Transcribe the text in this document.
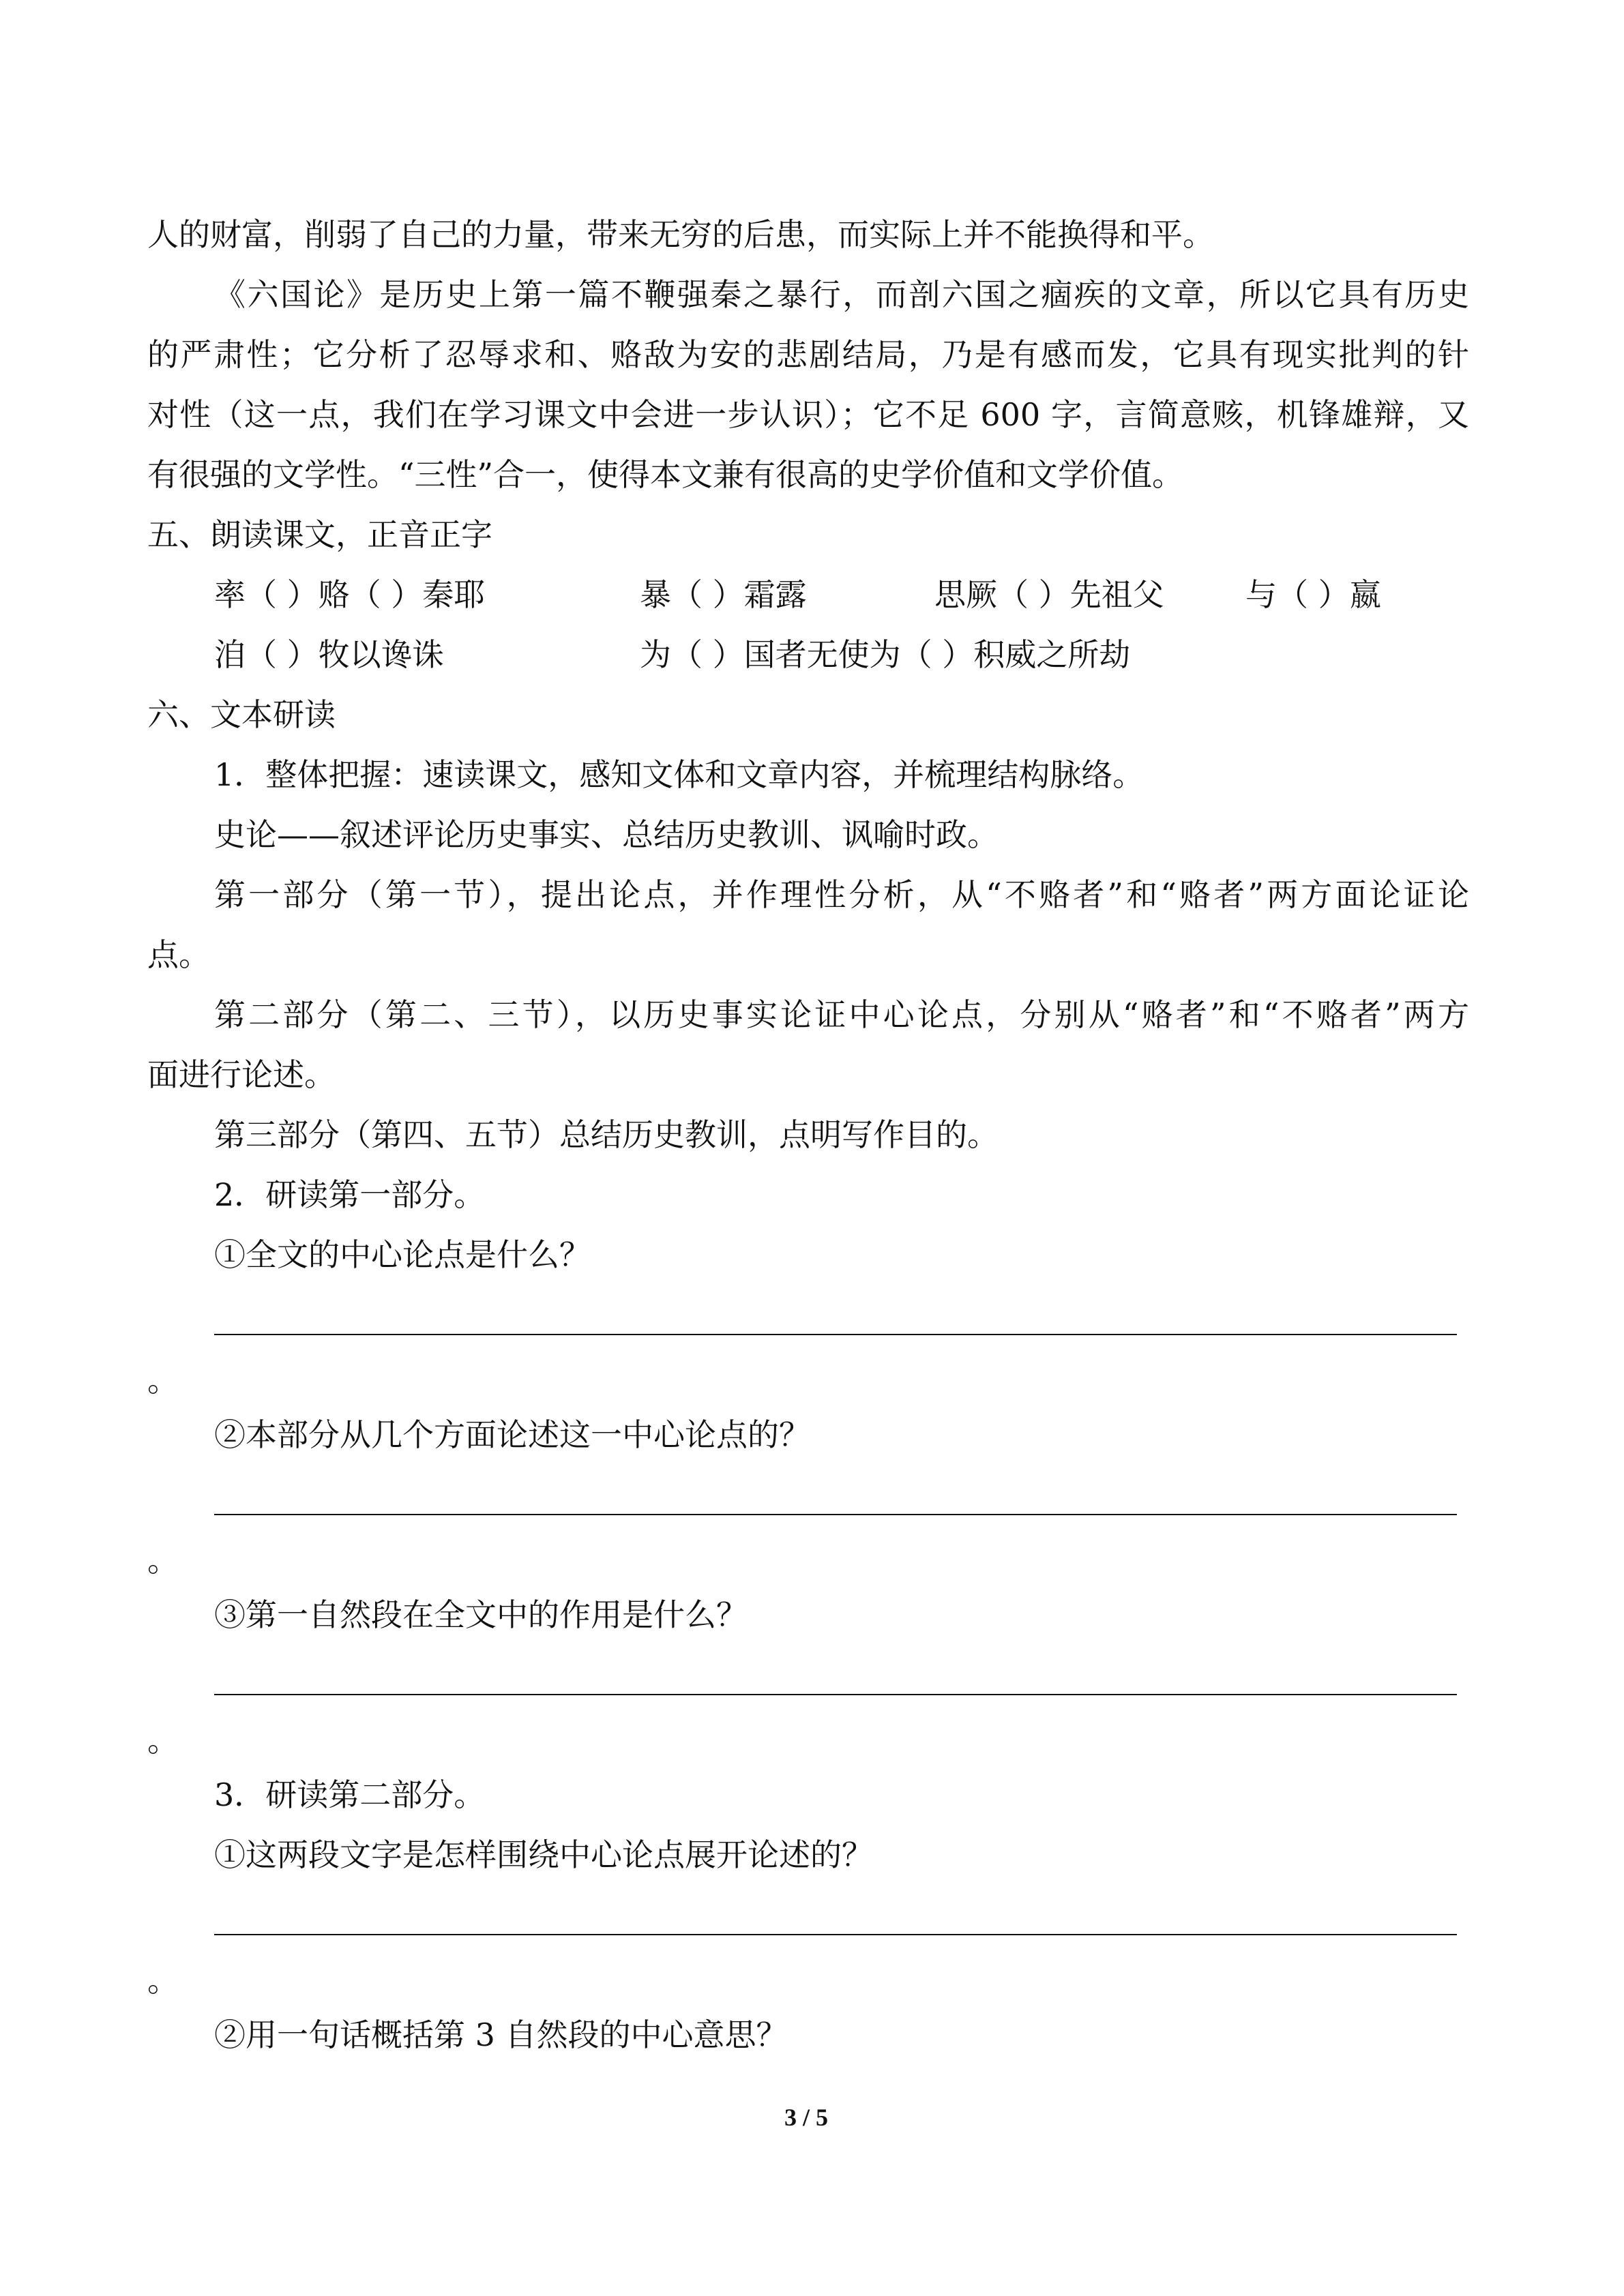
人的财富，削弱了自己的力量，带来无穷的后患，而实际上并不能换得和平。
《六国论》是历史上第一篇不鞭强秦之暴行，而剖六国之痼疾的文章，所以它具有历史
的严肃性；它分析了忍辱求和、赂敌为安的悲剧结局，乃是有感而发，它具有现实批判的针
对性（这一点，我们在学习课文中会进一步认识）；它不足 600 字，言简意赅，机锋雄辩，又
有很强的文学性。“三性”合一，使得本文兼有很高的史学价值和文学价值。
五、朗读课文，正音正字
率（ ）赂（ ）秦耶	暴（ ）霜露	思厥（ ）先祖父	与（ ）嬴
洎（ ）牧以谗诛	为（ ）国者无使为（ ）积威之所劫
六、文本研读
1．整体把握：速读课文，感知文体和文章内容，并梳理结构脉络。
史论——叙述评论历史事实、总结历史教训、讽喻时政。
第一部分（第一节），提出论点，并作理性分析，从“不赂者”和“赂者”两方面论证论
点。
第二部分（第二、三节），以历史事实论证中心论点，分别从“赂者”和“不赂者”两方
面进行论述。
第三部分（第四、五节）总结历史教训，点明写作目的。
2．研读第一部分。
①全文的中心论点是什么？
。
②本部分从几个方面论述这一中心论点的？
。
③第一自然段在全文中的作用是什么？
。
3．研读第二部分。
①这两段文字是怎样围绕中心论点展开论述的？
。
②用一句话概括第 3 自然段的中心意思？
3 / 5
